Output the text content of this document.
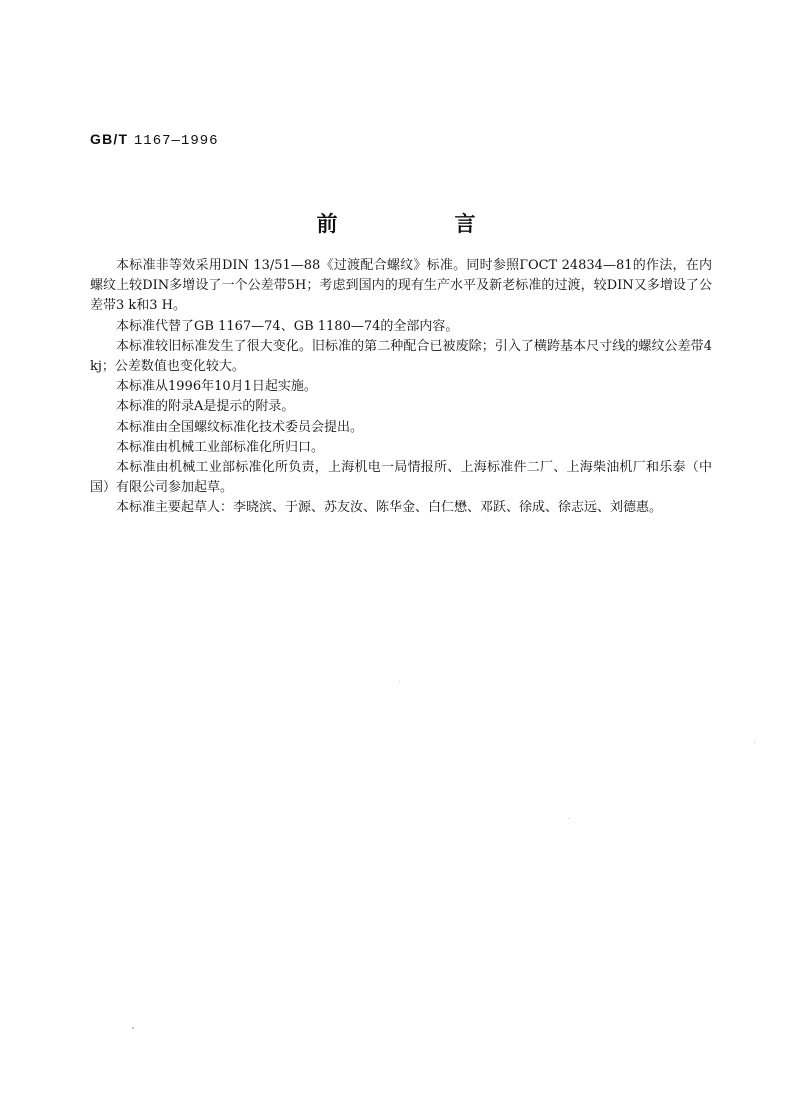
GB/T 1167—1996
前　言

本标准非等效采用DIN 13/51—88《过渡配合螺纹》标准。同时参照ГОСТ 24834—81的作法，在内螺纹上较DIN多增设了一个公差带5H；考虑到国内的现有生产水平及新老标准的过渡，较DIN又多增设了公差带3 k和3 H。

本标准代替了GB 1167—74、GB 1180—74的全部内容。

本标准较旧标准发生了很大变化。旧标准的第二种配合已被废除；引入了横跨基本尺寸线的螺纹公差带4 kj；公差数值也变化较大。

本标准从1996年10月1日起实施。

本标准的附录A是提示的附录。

本标准由全国螺纹标准化技术委员会提出。

本标准由机械工业部标准化所归口。

本标准由机械工业部标准化所负责，上海机电一局情报所、上海标准件二厂、上海柴油机厂和乐泰（中国）有限公司参加起草。

本标准主要起草人：李晓滨、于源、苏友汝、陈华金、白仁懋、邓跃、徐成、徐志远、刘德惠。
